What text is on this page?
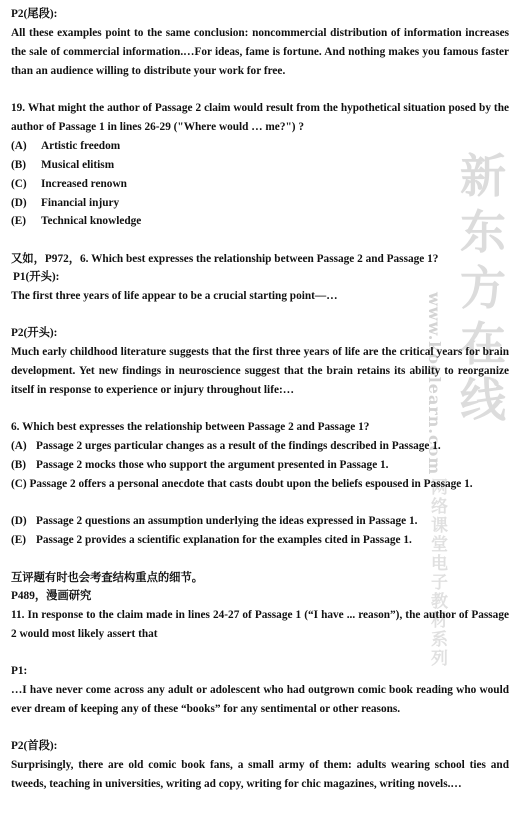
新东方在线
www.koolearn.com
网络课堂电子教材系列

P2(尾段):

All these examples point to the same conclusion: noncommercial distribution of information increases the sale of commercial information.…For ideas, fame is fortune. And nothing makes you famous faster than an audience willing to distribute your work for free.

19. What might the author of Passage 2 claim would result from the hypothetical situation posed by the author of Passage 1 in lines 26-29 ("Where would … me?") ?

(A) Artistic freedom
(B) Musical elitism
(C) Increased renown
(D) Financial injury
(E) Technical knowledge

又如，P972，6. Which best expresses the relationship between Passage 2 and Passage 1?

P1(开头):

The first three years of life appear to be a crucial starting point—…

P2(开头):

Much early childhood literature suggests that the first three years of life are the critical years for brain development. Yet new findings in neuroscience suggest that the brain retains its ability to reorganize itself in response to experience or injury throughout life:…

6. Which best expresses the relationship between Passage 2 and Passage 1?

(A) Passage 2 urges particular changes as a result of the findings described in Passage 1.
(B) Passage 2 mocks those who support the argument presented in Passage 1.

(C) Passage 2 offers a personal anecdote that casts doubt upon the beliefs espoused in Passage 1.

(D) Passage 2 questions an assumption underlying the ideas expressed in Passage 1.
(E) Passage 2 provides a scientific explanation for the examples cited in Passage 1.

互评题有时也会考查结构重点的细节。

P489，漫画研究

11. In response to the claim made in lines 24-27 of Passage 1 (“I have ... reason”), the author of Passage 2 would most likely assert that

P1:

…I have never come across any adult or adolescent who had outgrown comic book reading who would ever dream of keeping any of these “books” for any sentimental or other reasons.

P2(首段):

Surprisingly, there are old comic book fans, a small army of them: adults wearing school ties and tweeds, teaching in universities, writing ad copy, writing for chic magazines, writing novels.…
